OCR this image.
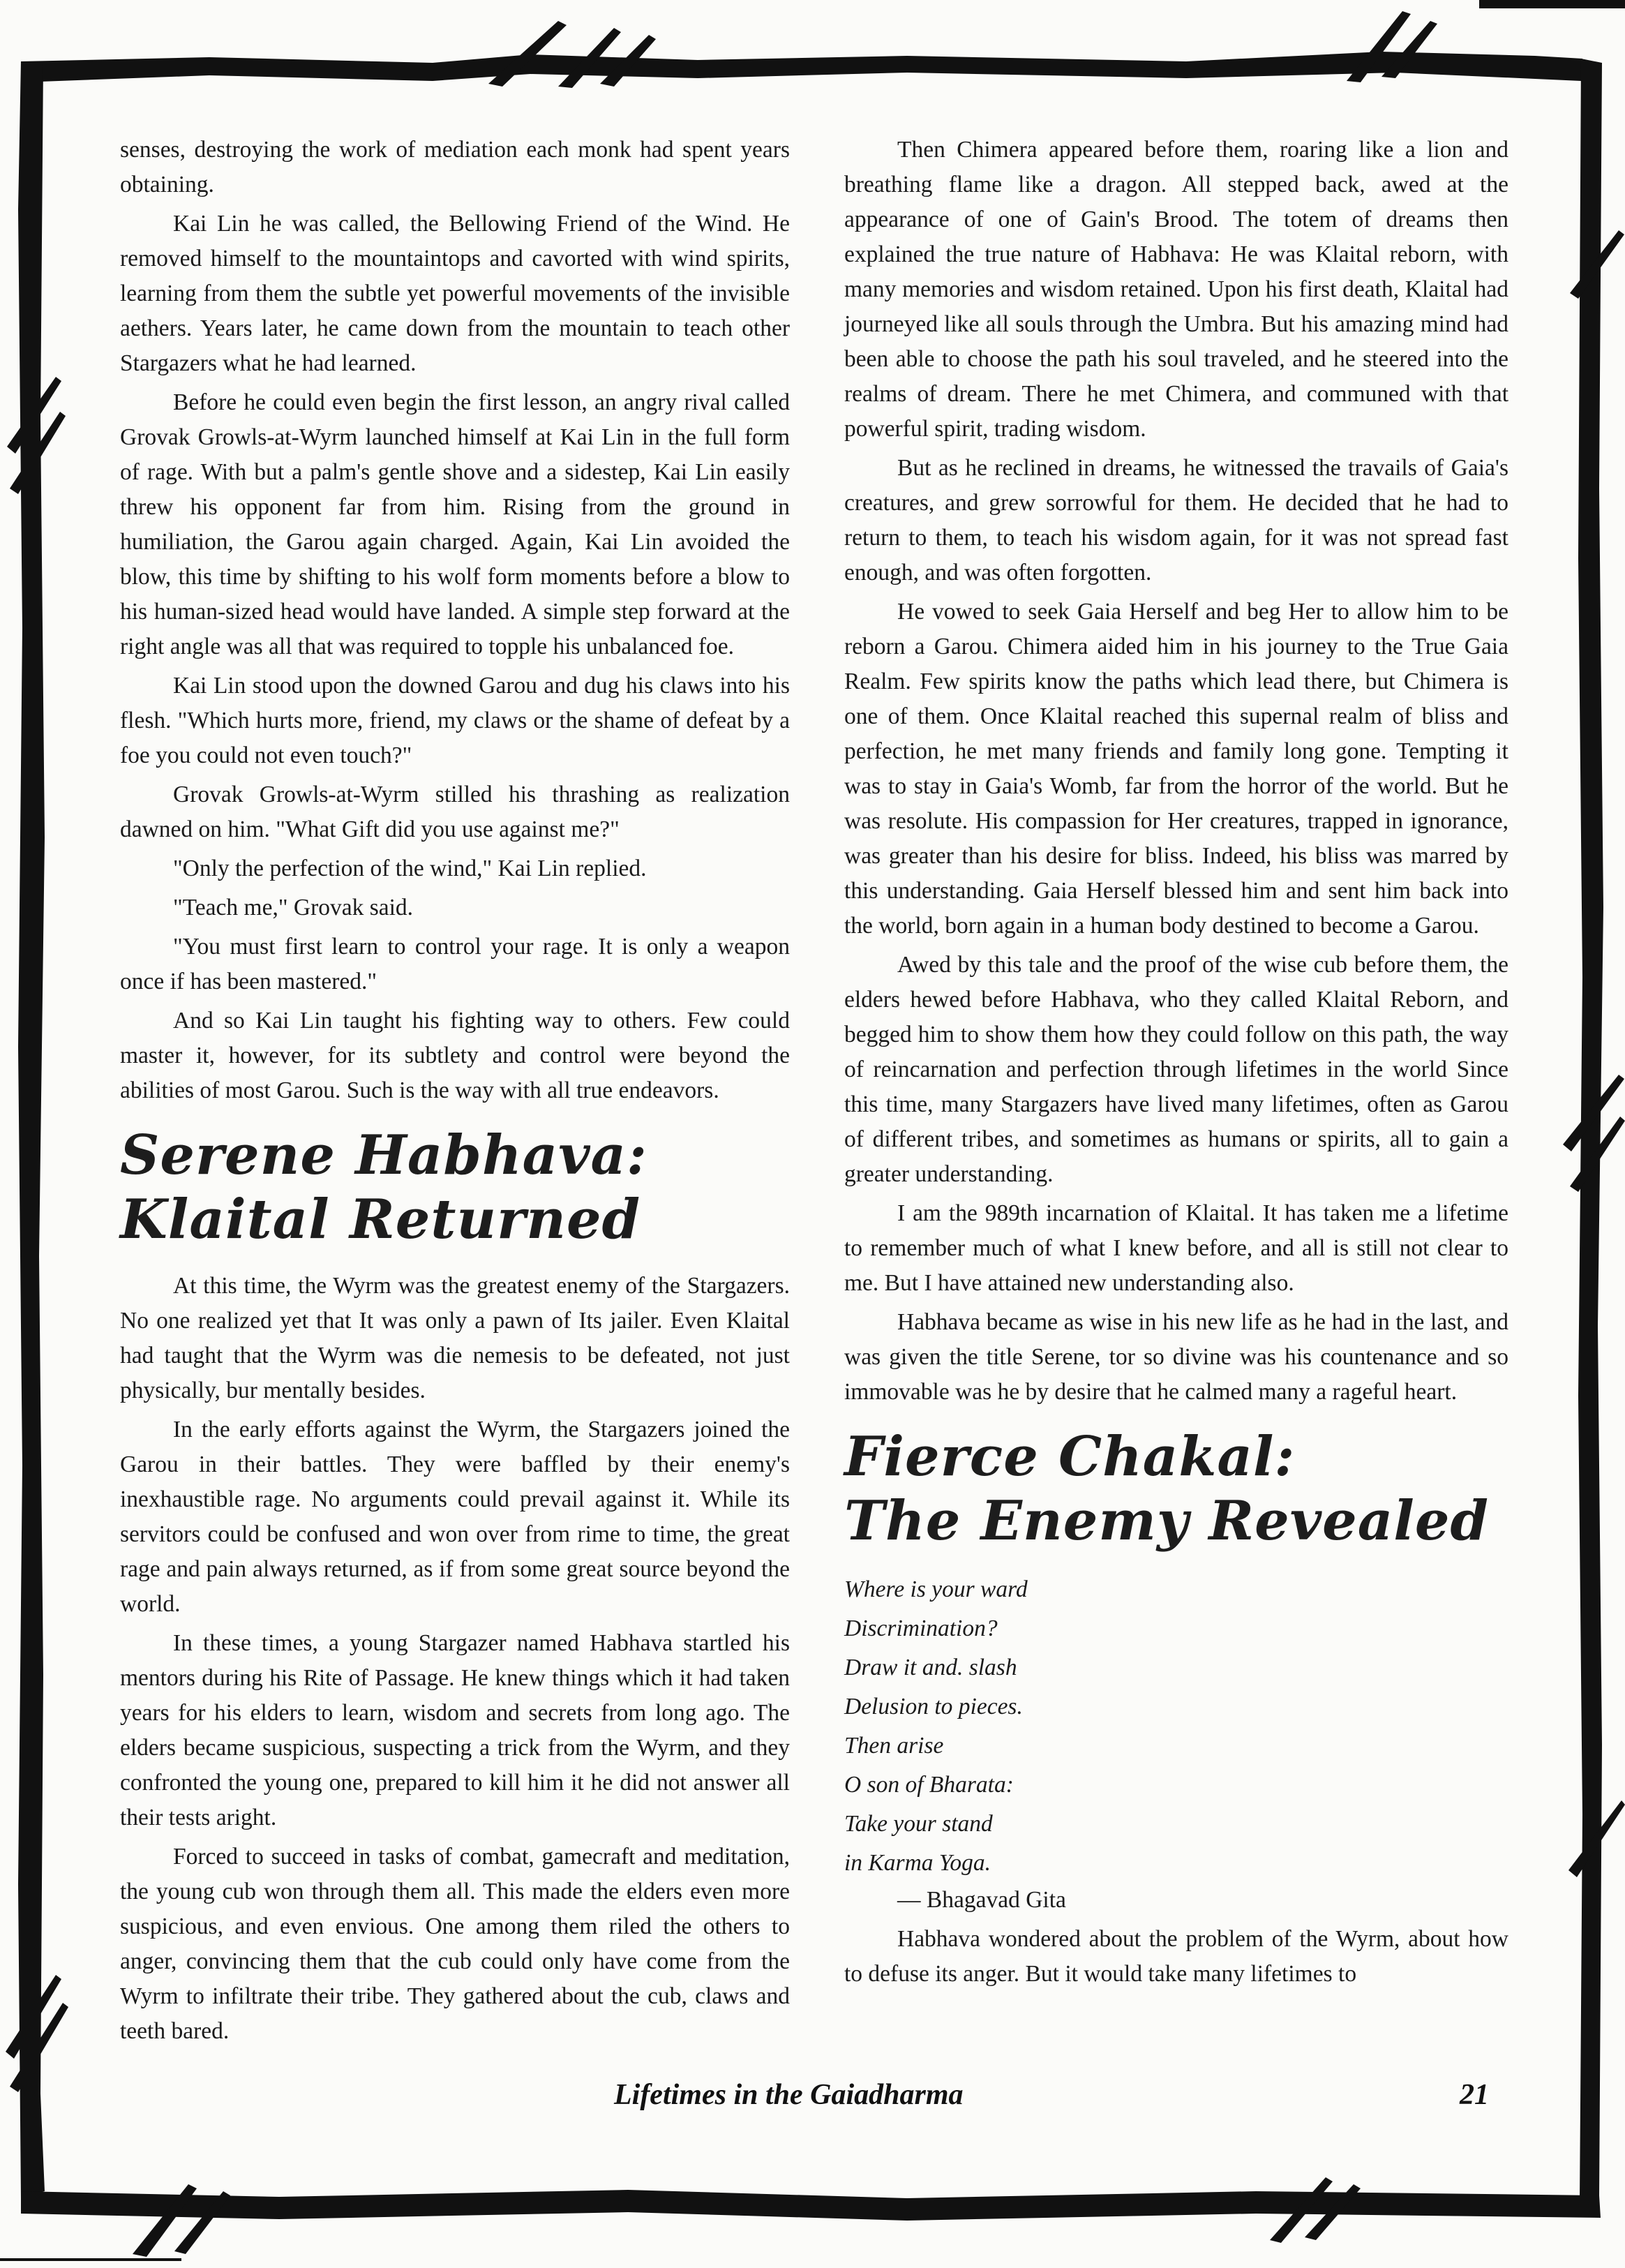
senses, destroying the work of mediation each monk had spent years obtaining.

Kai Lin he was called, the Bellowing Friend of the Wind. He removed himself to the mountaintops and cavorted with wind spirits, learning from them the subtle yet powerful movements of the invisible aethers. Years later, he came down from the mountain to teach other Stargazers what he had learned.

Before he could even begin the first lesson, an angry rival called Grovak Growls-at-Wyrm launched himself at Kai Lin in the full form of rage. With but a palm's gentle shove and a sidestep, Kai Lin easily threw his opponent far from him. Rising from the ground in humiliation, the Garou again charged. Again, Kai Lin avoided the blow, this time by shifting to his wolf form moments before a blow to his human-sized head would have landed. A simple step forward at the right angle was all that was required to topple his unbalanced foe.

Kai Lin stood upon the downed Garou and dug his claws into his flesh. "Which hurts more, friend, my claws or the shame of defeat by a foe you could not even touch?"

Grovak Growls-at-Wyrm stilled his thrashing as realization dawned on him. "What Gift did you use against me?"

"Only the perfection of the wind," Kai Lin replied.

"Teach me," Grovak said.

"You must first learn to control your rage. It is only a weapon once if has been mastered."

And so Kai Lin taught his fighting way to others. Few could master it, however, for its subtlety and control were beyond the abilities of most Garou. Such is the way with all true endeavors.

Serene Habhava:
Klaital Returned

At this time, the Wyrm was the greatest enemy of the Stargazers. No one realized yet that It was only a pawn of Its jailer. Even Klaital had taught that the Wyrm was die nemesis to be defeated, not just physically, bur mentally besides.

In the early efforts against the Wyrm, the Stargazers joined the Garou in their battles. They were baffled by their enemy's inexhaustible rage. No arguments could prevail against it. While its servitors could be confused and won over from rime to time, the great rage and pain always returned, as if from some great source beyond the world.

In these times, a young Stargazer named Habhava startled his mentors during his Rite of Passage. He knew things which it had taken years for his elders to learn, wisdom and secrets from long ago. The elders became suspicious, suspecting a trick from the Wyrm, and they confronted the young one, prepared to kill him it he did not answer all their tests aright.

Forced to succeed in tasks of combat, gamecraft and meditation, the young cub won through them all. This made the elders even more suspicious, and even envious. One among them riled the others to anger, convincing them that the cub could only have come from the Wyrm to infiltrate their tribe. They gathered about the cub, claws and teeth bared.

Then Chimera appeared before them, roaring like a lion and breathing flame like a dragon. All stepped back, awed at the appearance of one of Gain's Brood. The totem of dreams then explained the true nature of Habhava: He was Klaital reborn, with many memories and wisdom retained. Upon his first death, Klaital had journeyed like all souls through the Umbra. But his amazing mind had been able to choose the path his soul traveled, and he steered into the realms of dream. There he met Chimera, and communed with that powerful spirit, trading wisdom.

But as he reclined in dreams, he witnessed the travails of Gaia's creatures, and grew sorrowful for them. He decided that he had to return to them, to teach his wisdom again, for it was not spread fast enough, and was often forgotten.

He vowed to seek Gaia Herself and beg Her to allow him to be reborn a Garou. Chimera aided him in his journey to the True Gaia Realm. Few spirits know the paths which lead there, but Chimera is one of them. Once Klaital reached this supernal realm of bliss and perfection, he met many friends and family long gone. Tempting it was to stay in Gaia's Womb, far from the horror of the world. But he was resolute. His compassion for Her creatures, trapped in ignorance, was greater than his desire for bliss. Indeed, his bliss was marred by this understanding. Gaia Herself blessed him and sent him back into the world, born again in a human body destined to become a Garou.

Awed by this tale and the proof of the wise cub before them, the elders hewed before Habhava, who they called Klaital Reborn, and begged him to show them how they could follow on this path, the way of reincarnation and perfection through lifetimes in the world Since this time, many Stargazers have lived many lifetimes, often as Garou of different tribes, and sometimes as humans or spirits, all to gain a greater understanding.

I am the 989th incarnation of Klaital. It has taken me a lifetime to remember much of what I knew before, and all is still not clear to me. But I have attained new understanding also.

Habhava became as wise in his new life as he had in the last, and was given the title Serene, tor so divine was his countenance and so immovable was he by desire that he calmed many a rageful heart.

Fierce Chakal:
The Enemy Revealed
Where is your ward
Discrimination?
Draw it and. slash
Delusion to pieces.
Then arise
O son of Bharata:
Take your stand
in Karma Yoga.
— Bhagavad Gita

Habhava wondered about the problem of the Wyrm, about how to defuse its anger. But it would take many lifetimes to

Lifetimes in the Gaiadharma	21
